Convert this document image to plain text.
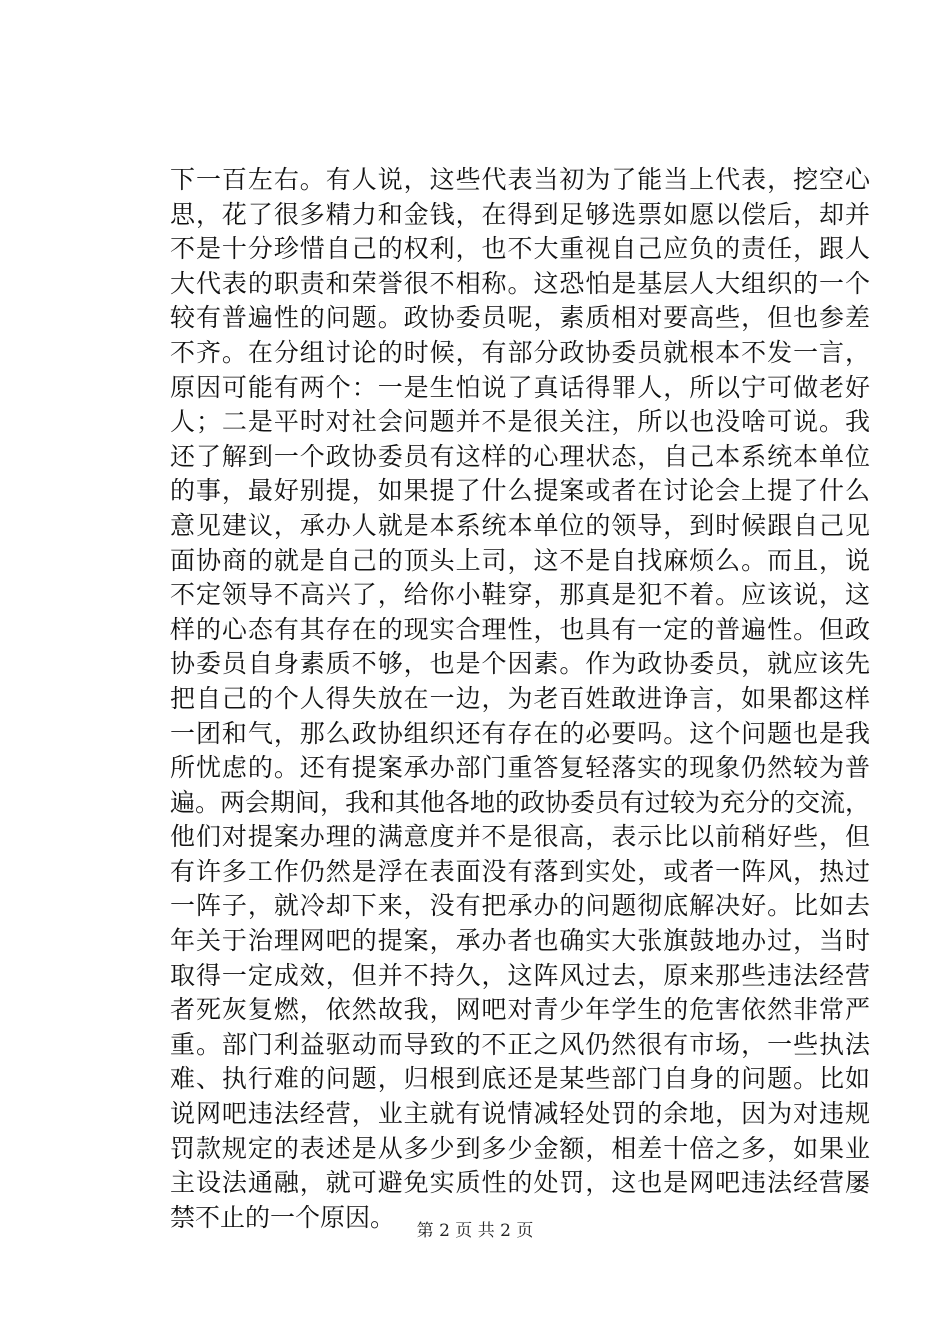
下一百左右。有人说，这些代表当初为了能当上代表，挖空心
思，花了很多精力和金钱，在得到足够选票如愿以偿后，却并
不是十分珍惜自己的权利，也不大重视自己应负的责任，跟人
大代表的职责和荣誉很不相称。这恐怕是基层人大组织的一个
较有普遍性的问题。政协委员呢，素质相对要高些，但也参差
不齐。在分组讨论的时候，有部分政协委员就根本不发一言，
原因可能有两个：一是生怕说了真话得罪人，所以宁可做老好
人；二是平时对社会问题并不是很关注，所以也没啥可说。我
还了解到一个政协委员有这样的心理状态，自己本系统本单位
的事，最好别提，如果提了什么提案或者在讨论会上提了什么
意见建议，承办人就是本系统本单位的领导，到时候跟自己见
面协商的就是自己的顶头上司，这不是自找麻烦么。而且，说
不定领导不高兴了，给你小鞋穿，那真是犯不着。应该说，这
样的心态有其存在的现实合理性，也具有一定的普遍性。但政
协委员自身素质不够，也是个因素。作为政协委员，就应该先
把自己的个人得失放在一边，为老百姓敢进诤言，如果都这样
一团和气，那么政协组织还有存在的必要吗。这个问题也是我
所忧虑的。还有提案承办部门重答复轻落实的现象仍然较为普
遍。两会期间，我和其他各地的政协委员有过较为充分的交流，
他们对提案办理的满意度并不是很高，表示比以前稍好些，但
有许多工作仍然是浮在表面没有落到实处，或者一阵风，热过
一阵子，就冷却下来，没有把承办的问题彻底解决好。比如去
年关于治理网吧的提案，承办者也确实大张旗鼓地办过，当时
取得一定成效，但并不持久，这阵风过去，原来那些违法经营
者死灰复燃，依然故我，网吧对青少年学生的危害依然非常严
重。部门利益驱动而导致的不正之风仍然很有市场，一些执法
难、执行难的问题，归根到底还是某些部门自身的问题。比如
说网吧违法经营，业主就有说情减轻处罚的余地，因为对违规
罚款规定的表述是从多少到多少金额，相差十倍之多，如果业
主设法通融，就可避免实质性的处罚，这也是网吧违法经营屡
禁不止的一个原因。	第 2 页 共 2 页
